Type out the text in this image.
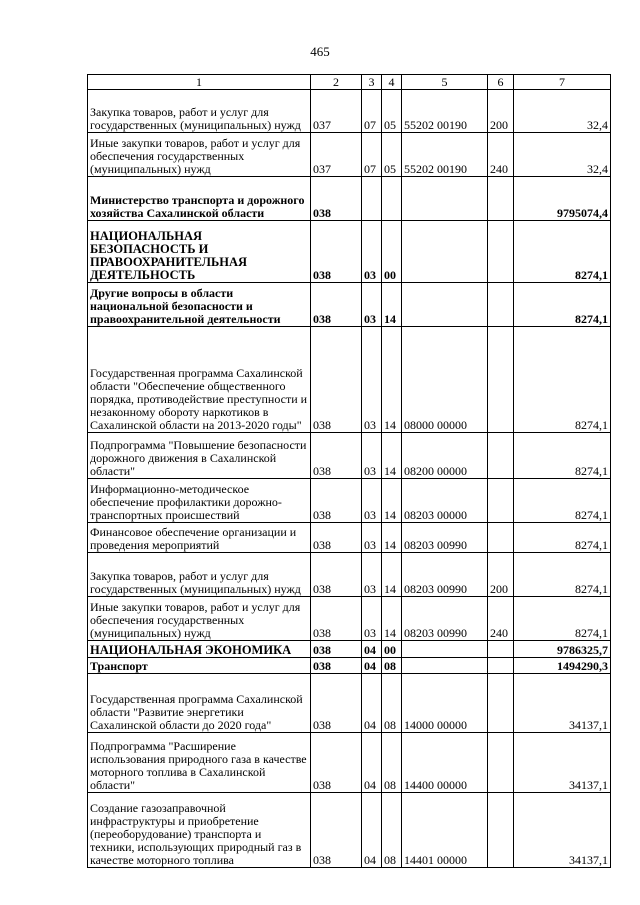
465
1	2	3	4	5	6	7
Закупка товаров, работ и услуг для государственных (муниципальных) нужд	037	07	05	55202 00190	200	32,4
Иные закупки товаров, работ и услуг для обеспечения государственных (муниципальных) нужд	037	07	05	55202 00190	240	32,4
Министерство транспорта и дорожного хозяйства Сахалинской области	038					9795074,4
НАЦИОНАЛЬНАЯ БЕЗОПАСНОСТЬ И ПРАВООХРАНИТЕЛЬНАЯ ДЕЯТЕЛЬНОСТЬ	038	03	00			8274,1
Другие вопросы в области национальной безопасности и правоохранительной деятельности	038	03	14			8274,1
Государственная программа Сахалинской области "Обеспечение общественного порядка, противодействие преступности и незаконному обороту наркотиков в Сахалинской области на 2013-2020 годы"	038	03	14	08000 00000		8274,1
Подпрограмма "Повышение безопасности дорожного движения в Сахалинской области"	038	03	14	08200 00000		8274,1
Информационно-методическое обеспечение профилактики дорожно-транспортных происшествий	038	03	14	08203 00000		8274,1
Финансовое обеспечение организации и проведения мероприятий	038	03	14	08203 00990		8274,1
Закупка товаров, работ и услуг для государственных (муниципальных) нужд	038	03	14	08203 00990	200	8274,1
Иные закупки товаров, работ и услуг для обеспечения государственных (муниципальных) нужд	038	03	14	08203 00990	240	8274,1
НАЦИОНАЛЬНАЯ ЭКОНОМИКА	038	04	00			9786325,7
Транспорт	038	04	08			1494290,3
Государственная программа Сахалинской области "Развитие энергетики Сахалинской области до 2020 года"	038	04	08	14000 00000		34137,1
Подпрограмма "Расширение использования природного газа в качестве моторного топлива в Сахалинской области"	038	04	08	14400 00000		34137,1
Создание газозаправочной инфраструктуры и приобретение (переоборудование) транспорта и техники, использующих природный газ в качестве моторного топлива	038	04	08	14401 00000		34137,1
